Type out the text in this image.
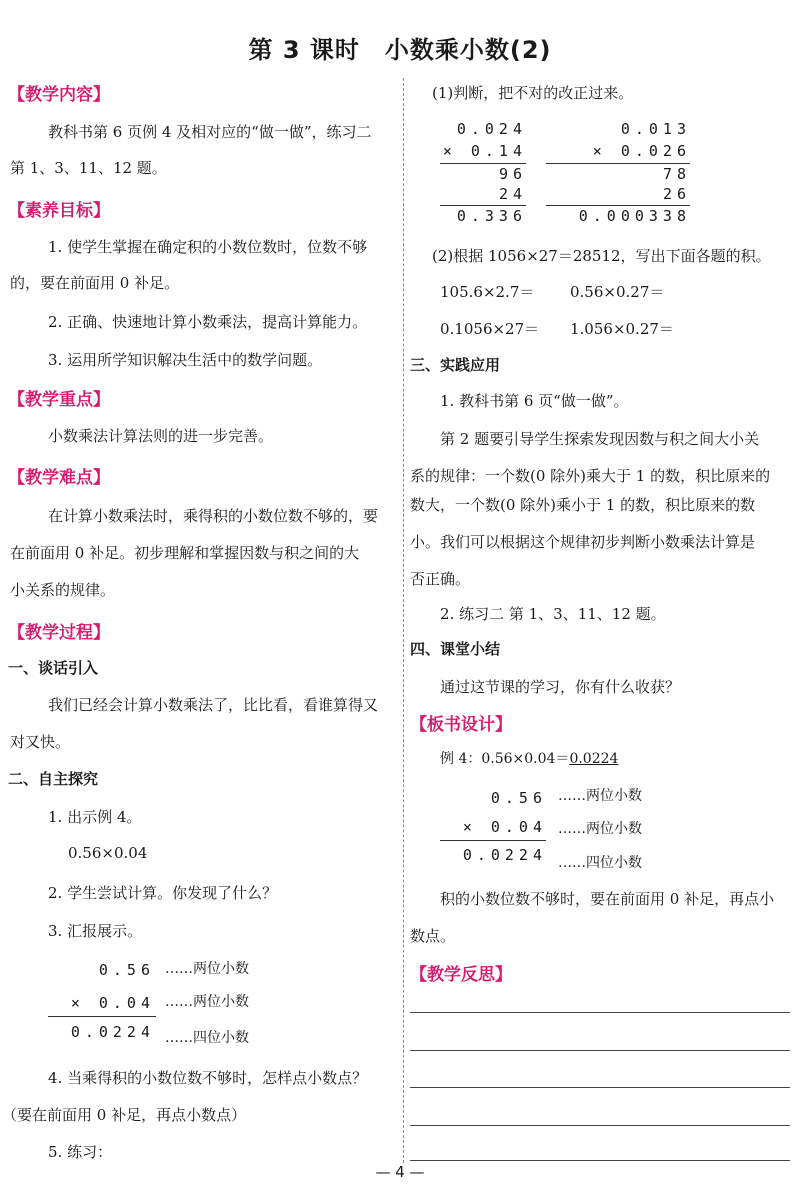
第 3 课时　小数乘小数(2)
【教学内容】
教科书第 6 页例 4 及相对应的“做一做”，练习二
第 1、3、11、12 题。
【素养目标】
1. 使学生掌握在确定积的小数位数时，位数不够
的，要在前面用 0 补足。
2. 正确、快速地计算小数乘法，提高计算能力。
3. 运用所学知识解决生活中的数学问题。
【教学重点】
小数乘法计算法则的进一步完善。
【教学难点】
在计算小数乘法时，乘得积的小数位数不够的，要
在前面用 0 补足。初步理解和掌握因数与积之间的大
小关系的规律。
【教学过程】
一、谈话引入
我们已经会计算小数乘法了，比比看，看谁算得又
对又快。
二、自主探究
1. 出示例 4。
0.56×0.04
2. 学生尝试计算。你发现了什么？
3. 汇报展示。
0.56 ……两位小数
× 0.04 ……两位小数
0.0224 ……四位小数
4. 当乘得积的小数位数不够时，怎样点小数点？
（要在前面用 0 补足，再点小数点）
5. 练习：
(1)判断，把不对的改正过来。
0.024
× 0.14
96
24
0.336
0.013
× 0.026
78
26
0.000338
(2)根据 1056×27＝28512，写出下面各题的积。
105.6×2.7＝ 0.56×0.27＝
0.1056×27＝ 1.056×0.27＝
三、实践应用
1. 教科书第 6 页“做一做”。
第 2 题要引导学生探索发现因数与积之间大小关
系的规律：一个数(0 除外)乘大于 1 的数，积比原来的
数大，一个数(0 除外)乘小于 1 的数，积比原来的数
小。我们可以根据这个规律初步判断小数乘法计算是
否正确。
2. 练习二 第 1、3、11、12 题。
四、课堂小结
通过这节课的学习，你有什么收获？
【板书设计】
例 4：0.56×0.04＝0.0224
0.56 ……两位小数
× 0.04 ……两位小数
0.0224 ……四位小数
积的小数位数不够时，要在前面用 0 补足，再点小
数点。
【教学反思】
— 4 —
